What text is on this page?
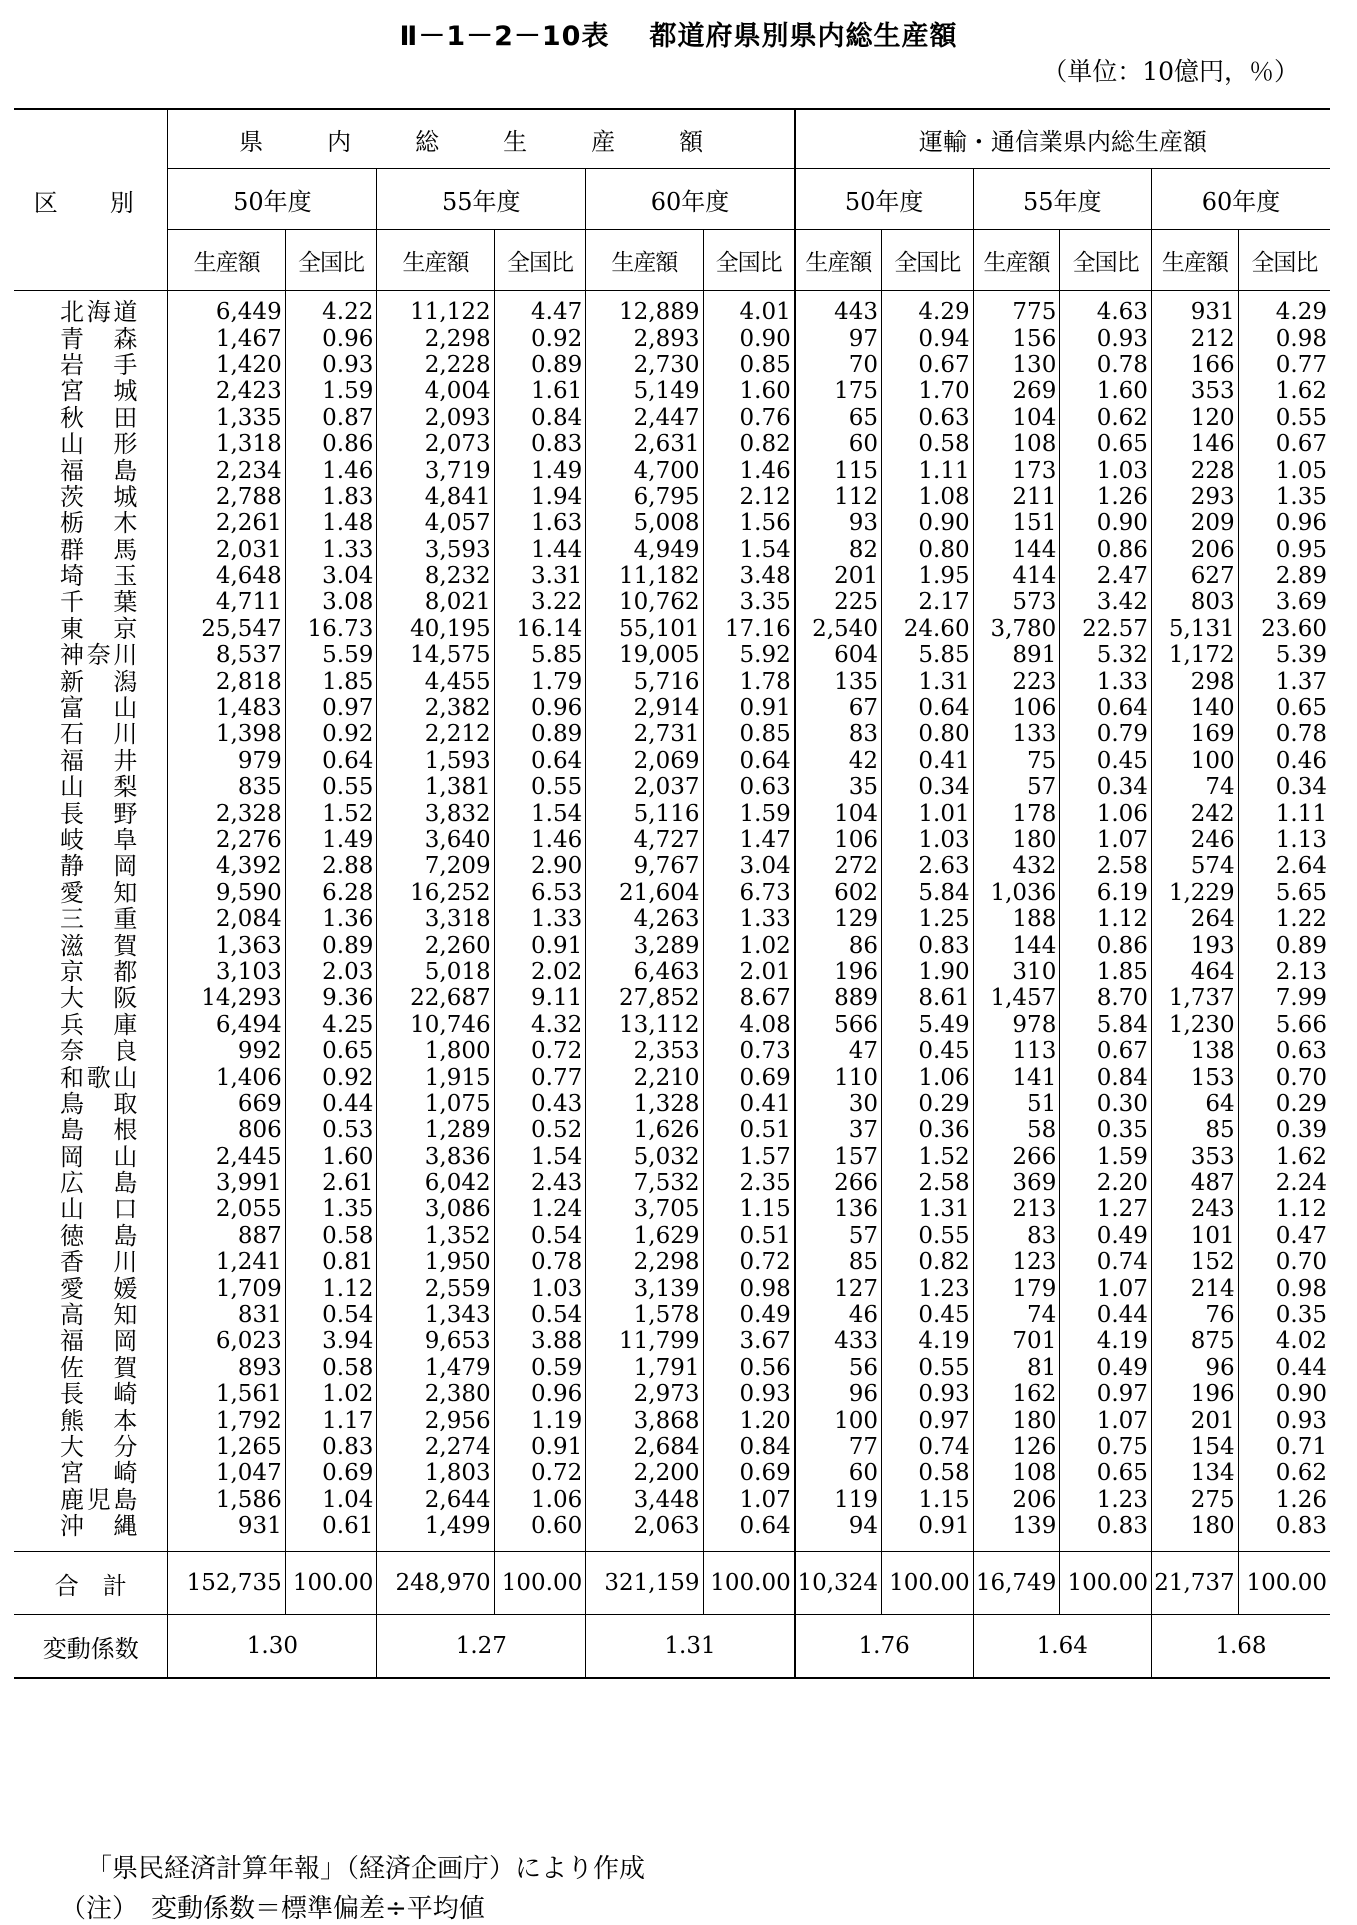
Ⅱ－1－2－10表 都道府県別県内総生産額
（単位：10億円，％）
区　別	県　内　総　生　産　額						運輸・通信業県内総生産額					
	50年度		55年度		60年度		50年度		55年度		60年度	
	生産額	全国比	生産額	全国比	生産額	全国比	生産額	全国比	生産額	全国比	生産額	全国比
北海道	6,449	4.22	11,122	4.47	12,889	4.01	443	4.29	775	4.63	931	4.29
青森	1,467	0.96	2,298	0.92	2,893	0.90	97	0.94	156	0.93	212	0.98
岩手	1,420	0.93	2,228	0.89	2,730	0.85	70	0.67	130	0.78	166	0.77
宮城	2,423	1.59	4,004	1.61	5,149	1.60	175	1.70	269	1.60	353	1.62
秋田	1,335	0.87	2,093	0.84	2,447	0.76	65	0.63	104	0.62	120	0.55
山形	1,318	0.86	2,073	0.83	2,631	0.82	60	0.58	108	0.65	146	0.67
福島	2,234	1.46	3,719	1.49	4,700	1.46	115	1.11	173	1.03	228	1.05
茨城	2,788	1.83	4,841	1.94	6,795	2.12	112	1.08	211	1.26	293	1.35
栃木	2,261	1.48	4,057	1.63	5,008	1.56	93	0.90	151	0.90	209	0.96
群馬	2,031	1.33	3,593	1.44	4,949	1.54	82	0.80	144	0.86	206	0.95
埼玉	4,648	3.04	8,232	3.31	11,182	3.48	201	1.95	414	2.47	627	2.89
千葉	4,711	3.08	8,021	3.22	10,762	3.35	225	2.17	573	3.42	803	3.69
東京	25,547	16.73	40,195	16.14	55,101	17.16	2,540	24.60	3,780	22.57	5,131	23.60
神奈川	8,537	5.59	14,575	5.85	19,005	5.92	604	5.85	891	5.32	1,172	5.39
新潟	2,818	1.85	4,455	1.79	5,716	1.78	135	1.31	223	1.33	298	1.37
富山	1,483	0.97	2,382	0.96	2,914	0.91	67	0.64	106	0.64	140	0.65
石川	1,398	0.92	2,212	0.89	2,731	0.85	83	0.80	133	0.79	169	0.78
福井	979	0.64	1,593	0.64	2,069	0.64	42	0.41	75	0.45	100	0.46
山梨	835	0.55	1,381	0.55	2,037	0.63	35	0.34	57	0.34	74	0.34
長野	2,328	1.52	3,832	1.54	5,116	1.59	104	1.01	178	1.06	242	1.11
岐阜	2,276	1.49	3,640	1.46	4,727	1.47	106	1.03	180	1.07	246	1.13
静岡	4,392	2.88	7,209	2.90	9,767	3.04	272	2.63	432	2.58	574	2.64
愛知	9,590	6.28	16,252	6.53	21,604	6.73	602	5.84	1,036	6.19	1,229	5.65
三重	2,084	1.36	3,318	1.33	4,263	1.33	129	1.25	188	1.12	264	1.22
滋賀	1,363	0.89	2,260	0.91	3,289	1.02	86	0.83	144	0.86	193	0.89
京都	3,103	2.03	5,018	2.02	6,463	2.01	196	1.90	310	1.85	464	2.13
大阪	14,293	9.36	22,687	9.11	27,852	8.67	889	8.61	1,457	8.70	1,737	7.99
兵庫	6,494	4.25	10,746	4.32	13,112	4.08	566	5.49	978	5.84	1,230	5.66
奈良	992	0.65	1,800	0.72	2,353	0.73	47	0.45	113	0.67	138	0.63
和歌山	1,406	0.92	1,915	0.77	2,210	0.69	110	1.06	141	0.84	153	0.70
鳥取	669	0.44	1,075	0.43	1,328	0.41	30	0.29	51	0.30	64	0.29
島根	806	0.53	1,289	0.52	1,626	0.51	37	0.36	58	0.35	85	0.39
岡山	2,445	1.60	3,836	1.54	5,032	1.57	157	1.52	266	1.59	353	1.62
広島	3,991	2.61	6,042	2.43	7,532	2.35	266	2.58	369	2.20	487	2.24
山口	2,055	1.35	3,086	1.24	3,705	1.15	136	1.31	213	1.27	243	1.12
徳島	887	0.58	1,352	0.54	1,629	0.51	57	0.55	83	0.49	101	0.47
香川	1,241	0.81	1,950	0.78	2,298	0.72	85	0.82	123	0.74	152	0.70
愛媛	1,709	1.12	2,559	1.03	3,139	0.98	127	1.23	179	1.07	214	0.98
高知	831	0.54	1,343	0.54	1,578	0.49	46	0.45	74	0.44	76	0.35
福岡	6,023	3.94	9,653	3.88	11,799	3.67	433	4.19	701	4.19	875	4.02
佐賀	893	0.58	1,479	0.59	1,791	0.56	56	0.55	81	0.49	96	0.44
長崎	1,561	1.02	2,380	0.96	2,973	0.93	96	0.93	162	0.97	196	0.90
熊本	1,792	1.17	2,956	1.19	3,868	1.20	100	0.97	180	1.07	201	0.93
大分	1,265	0.83	2,274	0.91	2,684	0.84	77	0.74	126	0.75	154	0.71
宮崎	1,047	0.69	1,803	0.72	2,200	0.69	60	0.58	108	0.65	134	0.62
鹿児島	1,586	1.04	2,644	1.06	3,448	1.07	119	1.15	206	1.23	275	1.26
沖縄	931	0.61	1,499	0.60	2,063	0.64	94	0.91	139	0.83	180	0.83
合　計	152,735	100.00	248,970	100.00	321,159	100.00	10,324	100.00	16,749	100.00	21,737	100.00
変動係数	1.30		1.27		1.31		1.76		1.64		1.68	
「県民経済計算年報」（経済企画庁）により作成
（注）　変動係数＝標準偏差÷平均値
